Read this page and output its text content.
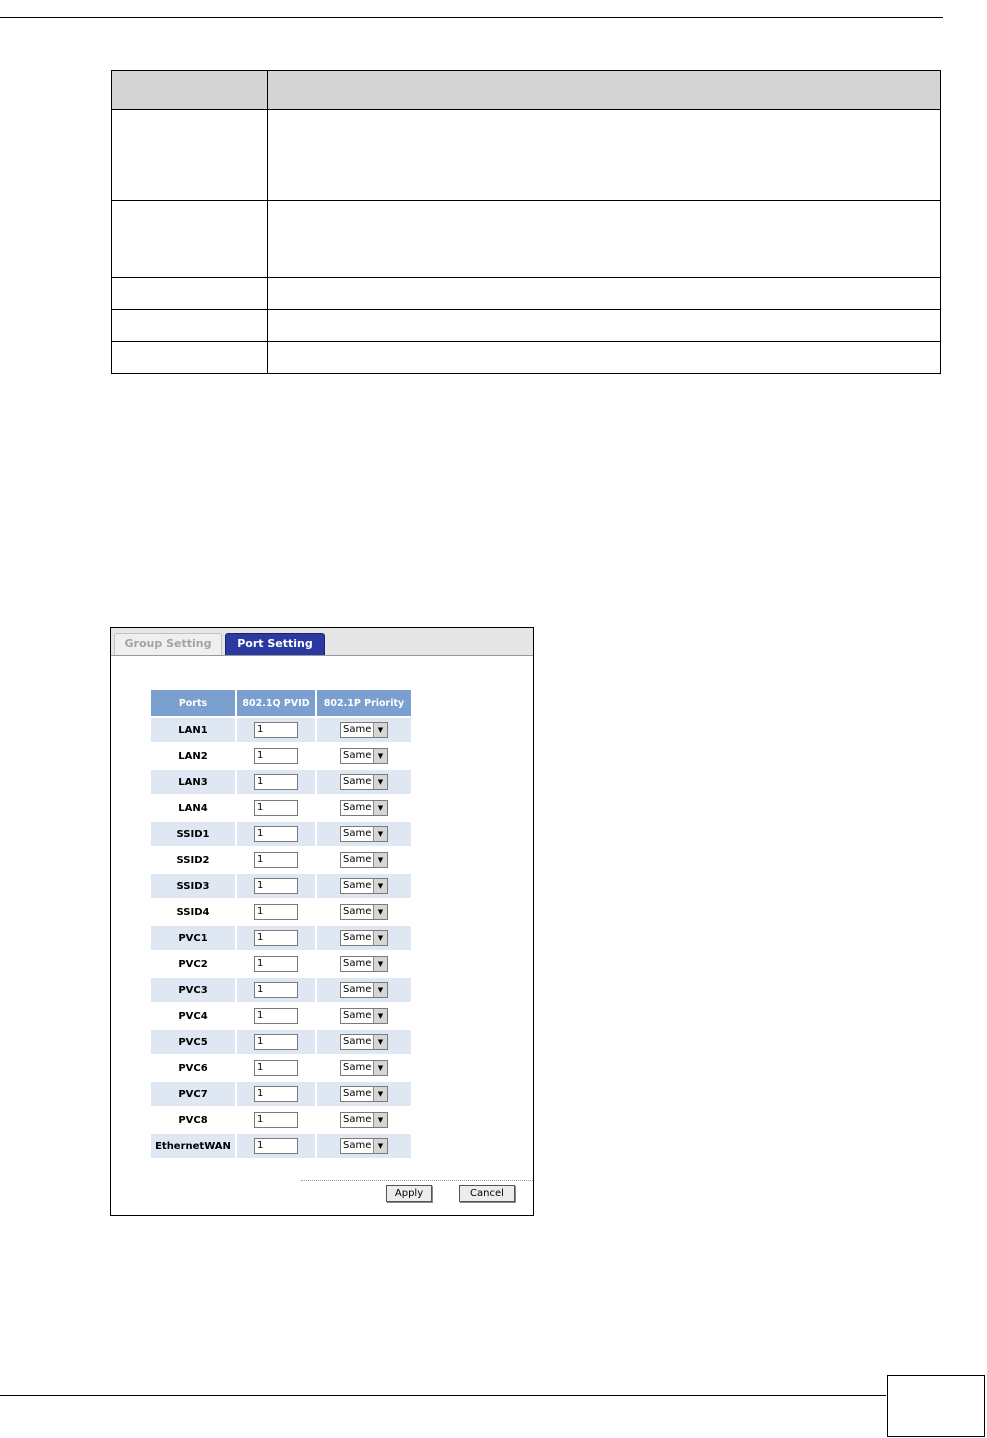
Group Setting	Port Setting
Ports	802.1Q PVID	802.1P Priority
LAN1	1	Same ▼

LAN2	1	Same ▼

LAN3	1	Same ▼

LAN4	1	Same ▼

SSID1	1	Same ▼

SSID2	1	Same ▼

SSID3	1	Same ▼

SSID4	1	Same ▼

PVC1	1	Same ▼

PVC2	1	Same ▼

PVC3	1	Same ▼

PVC4	1	Same ▼

PVC5	1	Same ▼

PVC6	1	Same ▼

PVC7	1	Same ▼

PVC8	1	Same ▼

EthernetWAN	1	Same ▼
Apply	Cancel
